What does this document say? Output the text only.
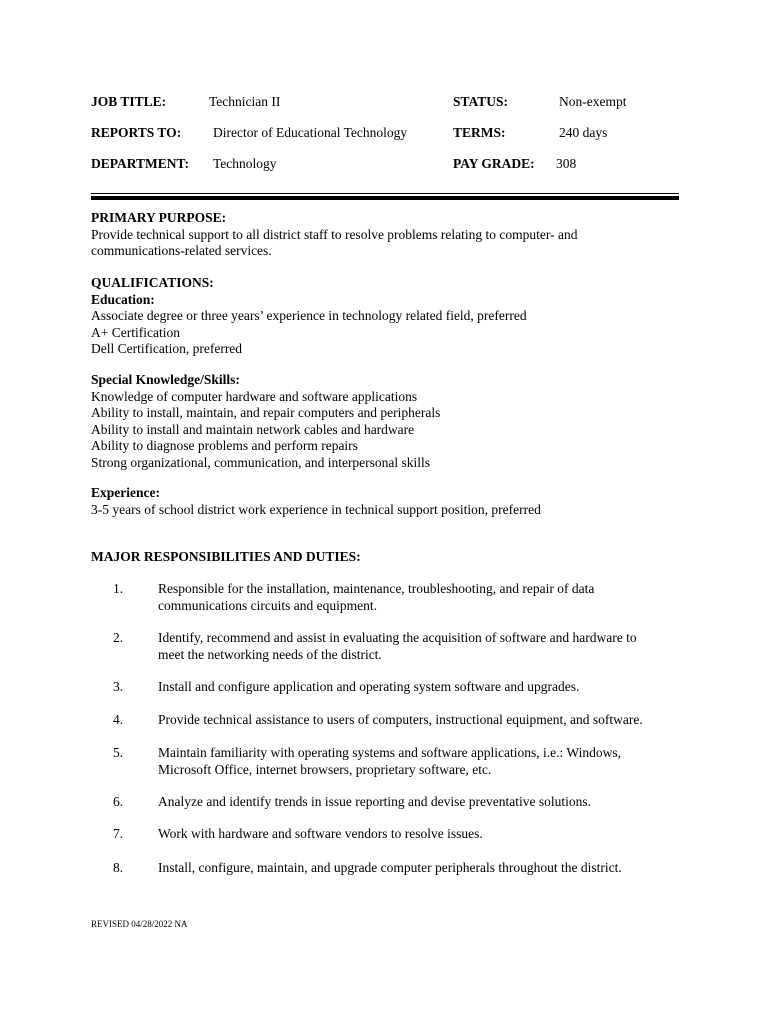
JOB TITLE:	Technician II	STATUS:	Non-exempt
REPORTS TO: Director of Educational Technology	TERMS:	240 days
DEPARTMENT: Technology	PAY GRADE: 308

PRIMARY PURPOSE:

Provide technical support to all district staff to resolve problems relating to computer- and

communications-related services.

QUALIFICATIONS:

Education:

Associate degree or three years’ experience in technology related field, preferred

A+ Certification

Dell Certification, preferred

Special Knowledge/Skills:

Knowledge of computer hardware and software applications

Ability to install, maintain, and repair computers and peripherals

Ability to install and maintain network cables and hardware

Ability to diagnose problems and perform repairs

Strong organizational, communication, and interpersonal skills

Experience:

3-5 years of school district work experience in technical support position, preferred

MAJOR RESPONSIBILITIES AND DUTIES:
1.	Responsible for the installation, maintenance, troubleshooting, and repair of data
communications circuits and equipment.
2.	Identify, recommend and assist in evaluating the acquisition of software and hardware to
meet the networking needs of the district.
3.	Install and configure application and operating system software and upgrades.
4.	Provide technical assistance to users of computers, instructional equipment, and software.
5.	Maintain familiarity with operating systems and software applications, i.e.: Windows,
Microsoft Office, internet browsers, proprietary software, etc.
6.	Analyze and identify trends in issue reporting and devise preventative solutions.
7.	Work with hardware and software vendors to resolve issues.
8.	Install, configure, maintain, and upgrade computer peripherals throughout the district.
REVISED 04/28/2022 NA
